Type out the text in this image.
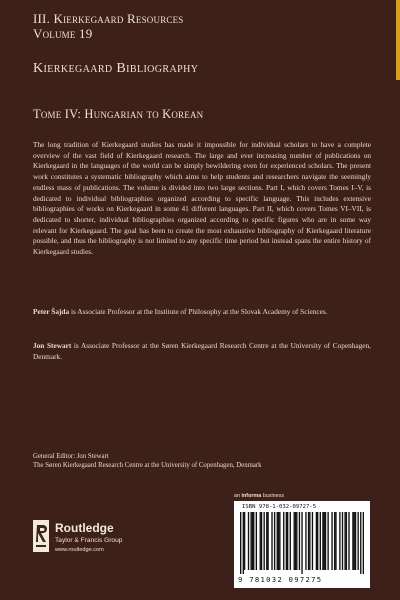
III. Kierkegaard Resources
Volume 19
Kierkegaard Bibliography
Tome IV: Hungarian to Korean
The long tradition of Kierkegaard studies has made it impossible for individual scholars to have a complete overview of the vast field of Kierkegaard research. The large and ever increasing number of publications on Kierkegaard in the languages of the world can be simply bewildering even for experienced scholars. The present work constitutes a systematic bibliography which aims to help students and researchers navigate the seemingly endless mass of publications. The volume is divided into two large sections. Part I, which covers Tomes I–V, is dedicated to individual bibliographies organized according to specific language. This includes extensive bibliographies of works on Kierkegaard in some 41 different languages. Part II, which covers Tomes VI–VII, is dedicated to shorter, individual bibliographies organized according to specific figures who are in some way relevant for Kierkegaard. The goal has been to create the most exhaustive bibliography of Kierkegaard literature possible, and thus the bibliography is not limited to any specific time period but instead spans the entire history of Kierkegaard studies.
Peter Šajda is Associate Professor at the Institute of Philosophy at the Slovak Academy of Sciences.
Jon Stewart is Associate Professor at the Søren Kierkegaard Research Centre at the University of Copenhagen, Denmark.
General Editor: Jon Stewart
The Søren Kierkegaard Research Centre at the University of Copenhagen, Denmark
Routledge
Taylor & Francis Group
www.routledge.com
an informa business
ISBN 978-1-032-09727-5
9 781032 097275
